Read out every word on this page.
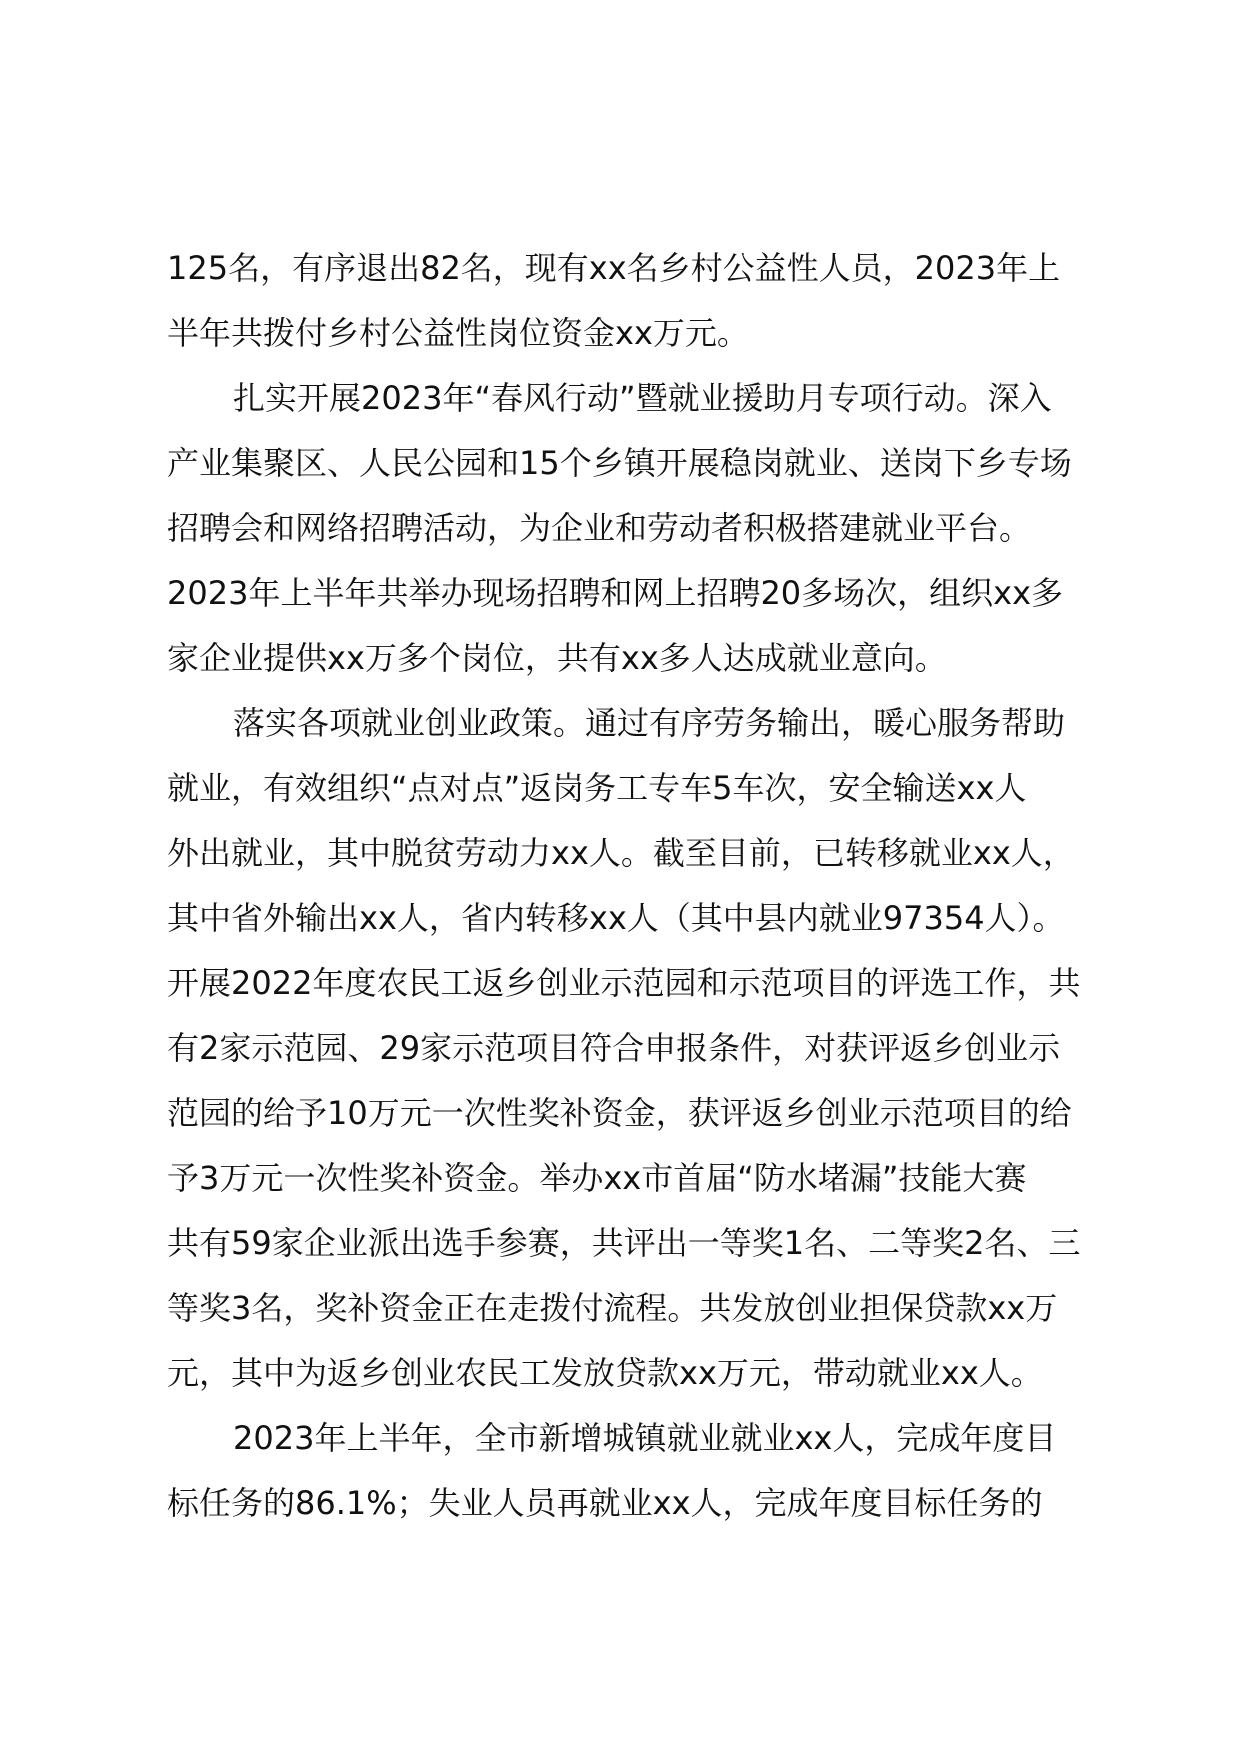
125名，有序退出82名，现有xx名乡村公益性人员，2023年上
半年共拨付乡村公益性岗位资金xx万元。
扎实开展2023年“春风行动”暨就业援助月专项行动。深入
产业集聚区、人民公园和15个乡镇开展稳岗就业、送岗下乡专场
招聘会和网络招聘活动，为企业和劳动者积极搭建就业平台。
2023年上半年共举办现场招聘和网上招聘20多场次，组织xx多
家企业提供xx万多个岗位，共有xx多人达成就业意向。
落实各项就业创业政策。通过有序劳务输出，暖心服务帮助
就业，有效组织“点对点”返岗务工专车5车次，安全输送xx人
外出就业，其中脱贫劳动力xx人。截至目前，已转移就业xx人，
其中省外输出xx人，省内转移xx人（其中县内就业97354人）。
开展2022年度农民工返乡创业示范园和示范项目的评选工作，共
有2家示范园、29家示范项目符合申报条件，对获评返乡创业示
范园的给予10万元一次性奖补资金，获评返乡创业示范项目的给
予3万元一次性奖补资金。举办xx市首届“防水堵漏”技能大赛
共有59家企业派出选手参赛，共评出一等奖1名、二等奖2名、三
等奖3名，奖补资金正在走拨付流程。共发放创业担保贷款xx万
元，其中为返乡创业农民工发放贷款xx万元，带动就业xx人。
2023年上半年，全市新增城镇就业就业xx人，完成年度目
标任务的86.1%；失业人员再就业xx人，完成年度目标任务的
